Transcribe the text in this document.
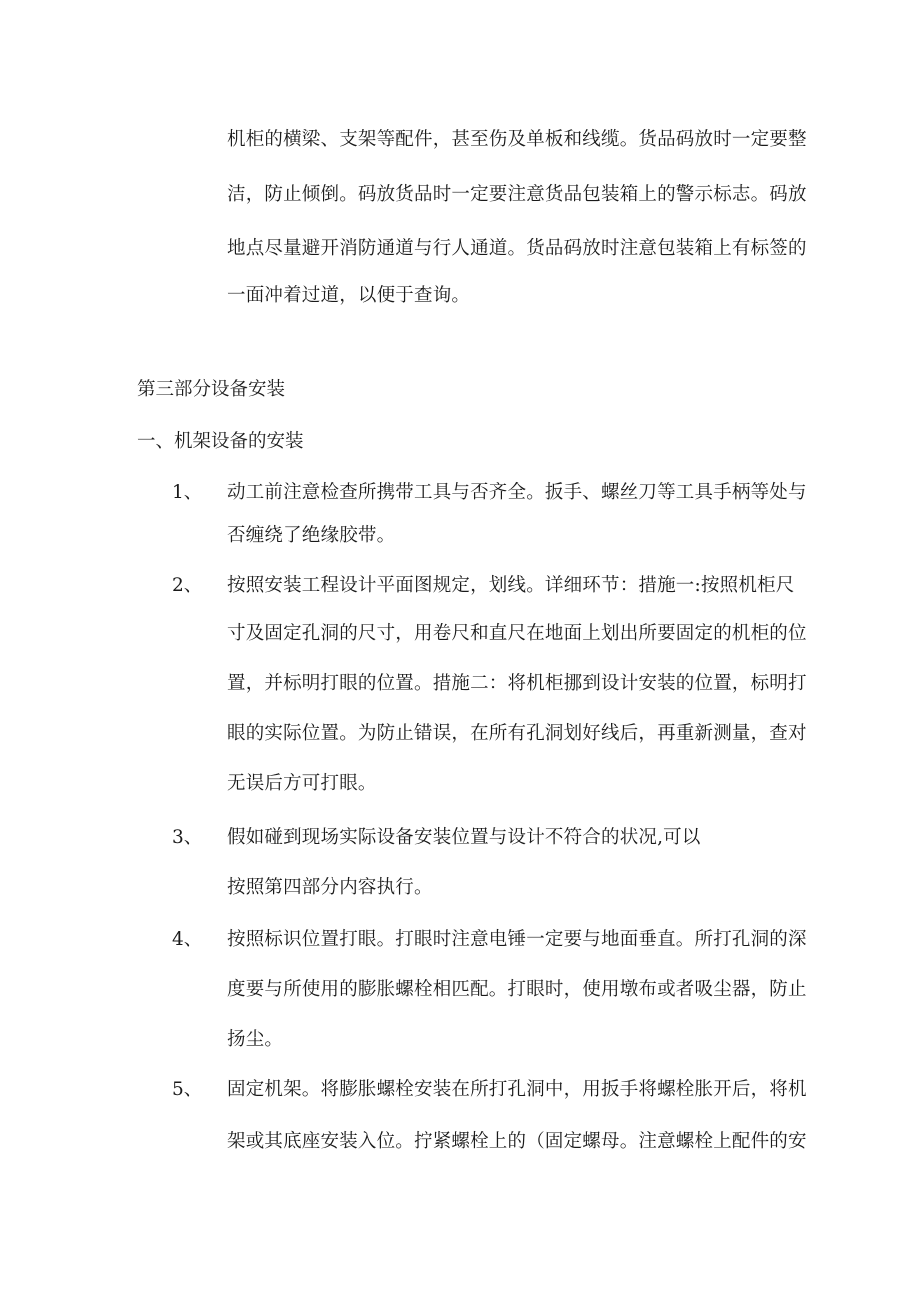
机柜的横梁、支架等配件，甚至伤及单板和线缆。货品码放时一定要整
洁，防止倾倒。码放货品时一定要注意货品包装箱上的警示标志。码放
地点尽量避开消防通道与行人通道。货品码放时注意包装箱上有标签的
一面冲着过道，以便于查询。
第三部分设备安装
一、机架设备的安装
1、 动工前注意检查所携带工具与否齐全。扳手、螺丝刀等工具手柄等处与
否缠绕了绝缘胶带。
2、 按照安装工程设计平面图规定，划线。详细环节：措施一:按照机柜尺
寸及固定孔洞的尺寸，用卷尺和直尺在地面上划出所要固定的机柜的位
置，并标明打眼的位置。措施二：将机柜挪到设计安装的位置，标明打
眼的实际位置。为防止错误，在所有孔洞划好线后，再重新测量，查对
无误后方可打眼。
3、 假如碰到现场实际设备安装位置与设计不符合的状况,可以
按照第四部分内容执行。
4、 按照标识位置打眼。打眼时注意电锤一定要与地面垂直。所打孔洞的深
度要与所使用的膨胀螺栓相匹配。打眼时，使用墩布或者吸尘器，防止
扬尘。
5、 固定机架。将膨胀螺栓安装在所打孔洞中，用扳手将螺栓胀开后，将机
架或其底座安装入位。拧紧螺栓上的（固定螺母。注意螺栓上配件的安
